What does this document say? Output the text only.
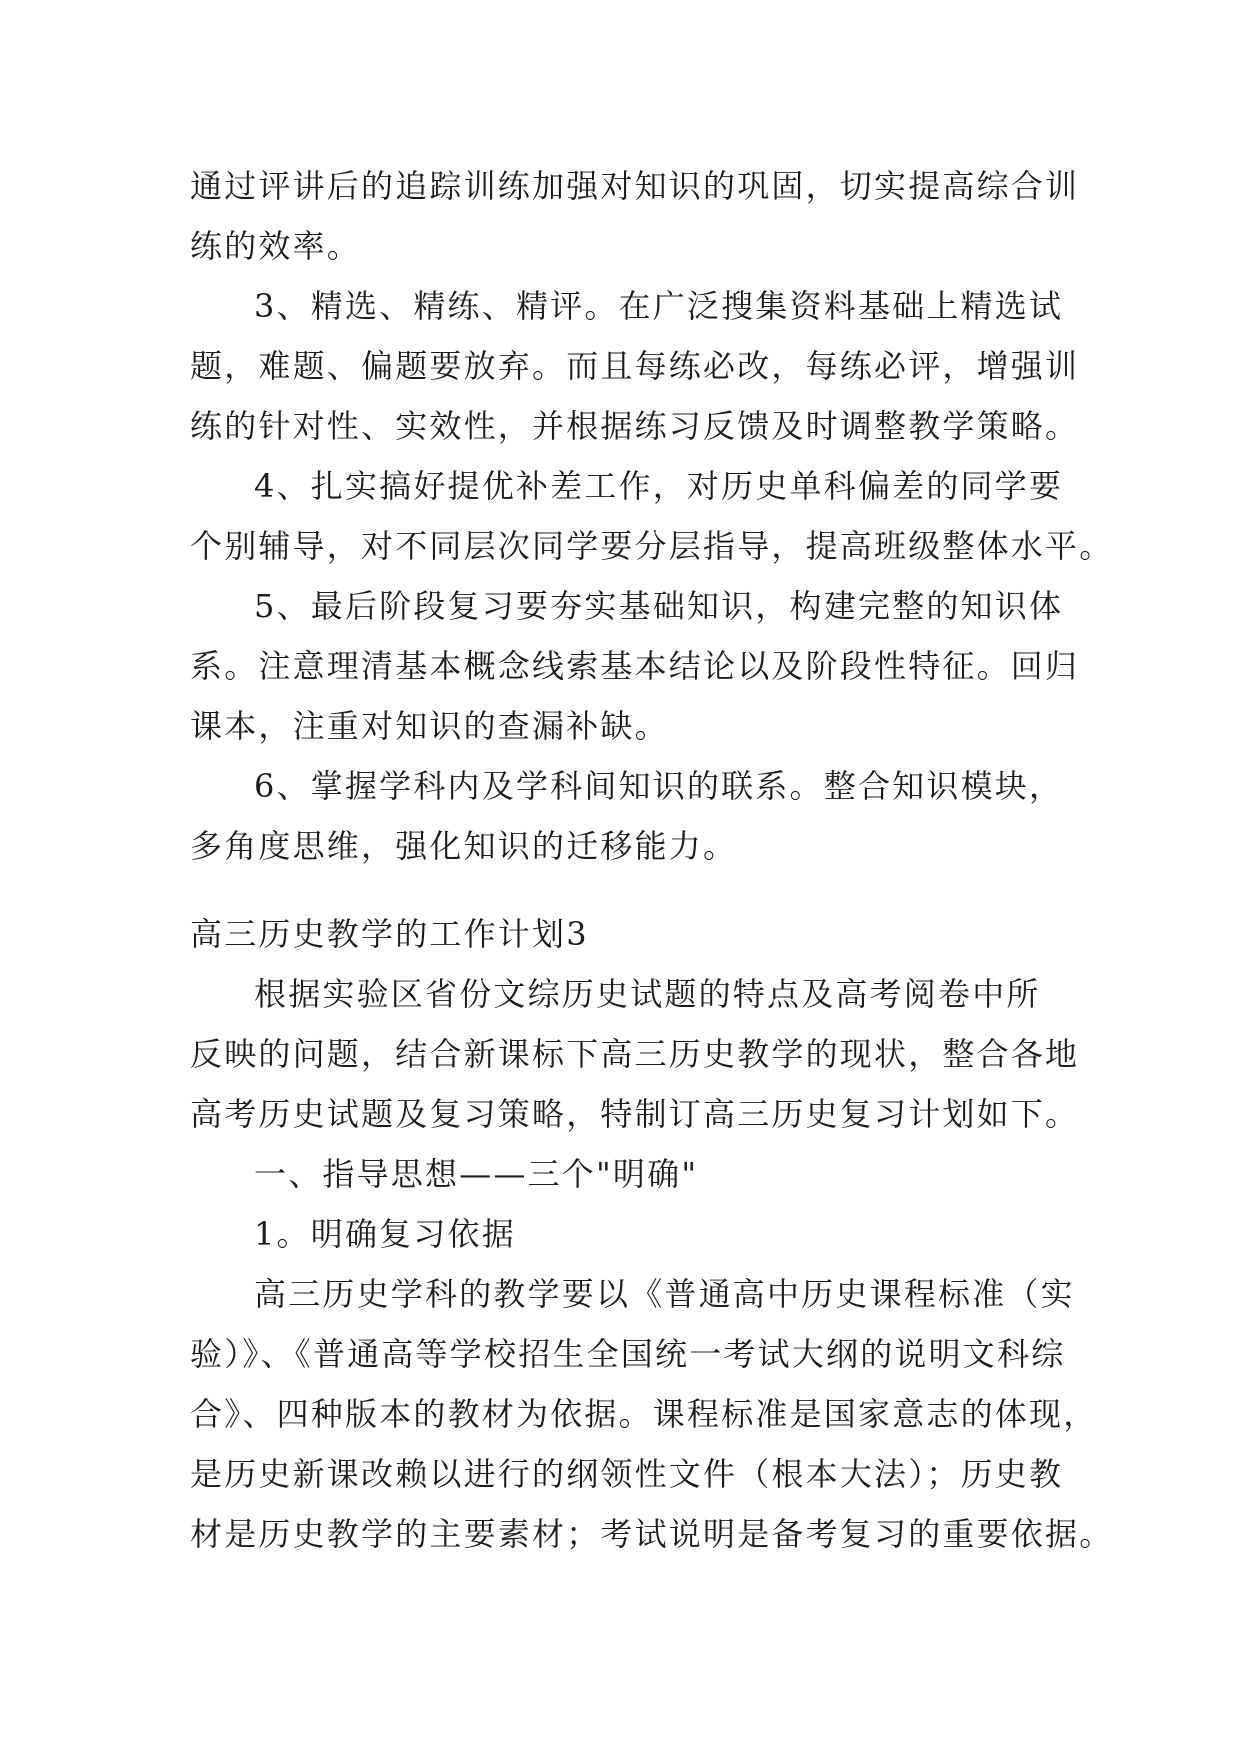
通过评讲后的追踪训练加强对知识的巩固，切实提高综合训
练的效率。
3、精选、精练、精评。在广泛搜集资料基础上精选试
题，难题、偏题要放弃。而且每练必改，每练必评，增强训
练的针对性、实效性，并根据练习反馈及时调整教学策略。
4、扎实搞好提优补差工作，对历史单科偏差的同学要
个别辅导，对不同层次同学要分层指导，提高班级整体水平。
5、最后阶段复习要夯实基础知识，构建完整的知识体
系。注意理清基本概念线索基本结论以及阶段性特征。回归
课本，注重对知识的查漏补缺。
6、掌握学科内及学科间知识的联系。整合知识模块，
多角度思维，强化知识的迁移能力。
高三历史教学的工作计划3
根据实验区省份文综历史试题的特点及高考阅卷中所
反映的问题，结合新课标下高三历史教学的现状，整合各地
高考历史试题及复习策略，特制订高三历史复习计划如下。
一、指导思想——三个"明确"
1。明确复习依据
高三历史学科的教学要以《普通高中历史课程标准（实
验）》、《普通高等学校招生全国统一考试大纲的说明文科综
合》、四种版本的教材为依据。课程标准是国家意志的体现，
是历史新课改赖以进行的纲领性文件（根本大法）；历史教
材是历史教学的主要素材；考试说明是备考复习的重要依据。
